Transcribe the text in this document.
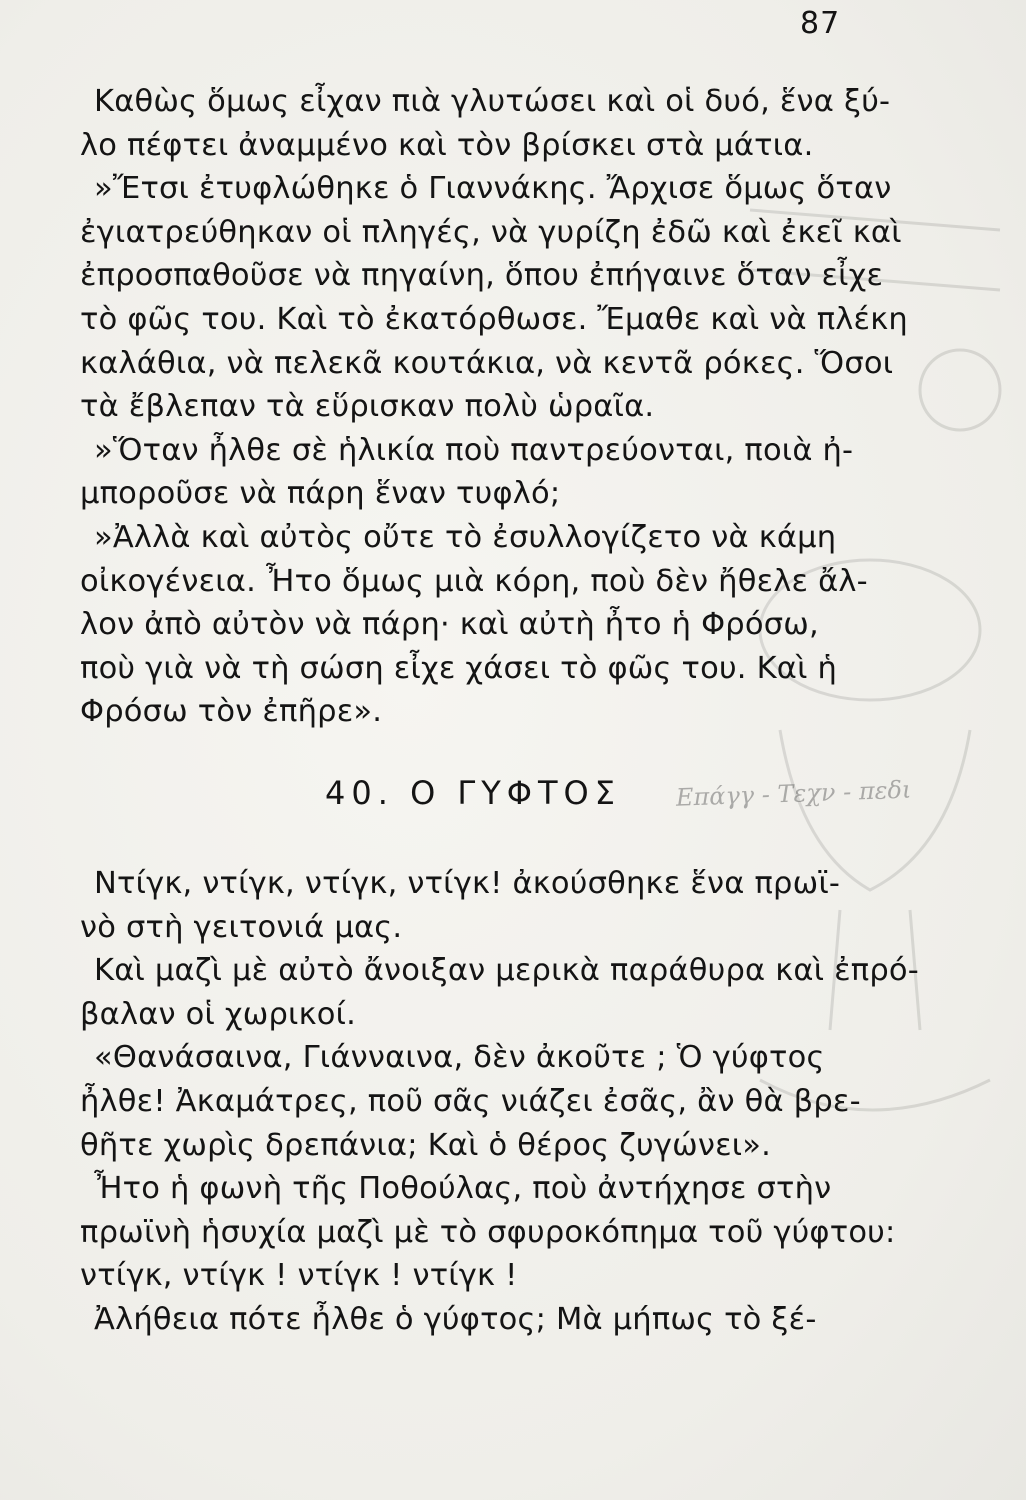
87
Καθὼς ὅμως εἶχαν πιὰ γλυτώσει καὶ οἱ δυό, ἕνα ξύ-
λο πέφτει ἀναμμένο καὶ τὸν βρίσκει στὰ μάτια.
»Ἔτσι ἐτυφλώθηκε ὁ Γιαννάκης. Ἄρχισε ὅμως ὅταν
ἐγιατρεύθηκαν οἱ πληγές, νὰ γυρίζη ἐδῶ καὶ ἐκεῖ καὶ
ἐπροσπαθοῦσε νὰ πηγαίνη, ὅπου ἐπήγαινε ὅταν εἶχε
τὸ φῶς του. Καὶ τὸ ἐκατόρθωσε. Ἔμαθε καὶ νὰ πλέκη
καλάθια, νὰ πελεκᾶ κουτάκια, νὰ κεντᾶ ρόκες. Ὅσοι
τὰ ἔβλεπαν τὰ εὕρισκαν πολὺ ὡραῖα.
»Ὅταν ἦλθε σὲ ἡλικία ποὺ παντρεύονται, ποιὰ ἠ-
μποροῦσε νὰ πάρη ἕναν τυφλό;
»Ἀλλὰ καὶ αὐτὸς οὔτε τὸ ἐσυλλογίζετο νὰ κάμη
οἰκογένεια. Ἦτο ὅμως μιὰ κόρη, ποὺ δὲν ἤθελε ἄλ-
λον ἀπὸ αὐτὸν νὰ πάρη· καὶ αὐτὴ ἦτο ἡ Φρόσω,
ποὺ γιὰ νὰ τὴ σώση εἶχε χάσει τὸ φῶς του. Καὶ ἡ
Φρόσω τὸν ἐπῆρε».
40. Ο ΓΥΦΤΟΣ Επάγγ - Τεχν - πεδι
Ντίγκ, ντίγκ, ντίγκ, ντίγκ! ἀκούσθηκε ἕνα πρωϊ-
νὸ στὴ γειτονιά μας.
Καὶ μαζὶ μὲ αὐτὸ ἄνοιξαν μερικὰ παράθυρα καὶ ἐπρό-
βαλαν οἱ χωρικοί.
«Θανάσαινα, Γιάνναινα, δὲν ἀκοῦτε ; Ὁ γύφτος
ἦλθε! Ἀκαμάτρες, ποῦ σᾶς νιάζει ἐσᾶς, ἂν θὰ βρε-
θῆτε χωρὶς δρεπάνια; Καὶ ὁ θέρος ζυγώνει».
Ἦτο ἡ φωνὴ τῆς Ποθούλας, ποὺ ἀντήχησε στὴν
πρωϊνὴ ἡσυχία μαζὶ μὲ τὸ σφυροκόπημα τοῦ γύφτου:
ντίγκ, ντίγκ ! ντίγκ ! ντίγκ !
Ἀλήθεια πότε ἦλθε ὁ γύφτος; Μὰ μήπως τὸ ξέ-
